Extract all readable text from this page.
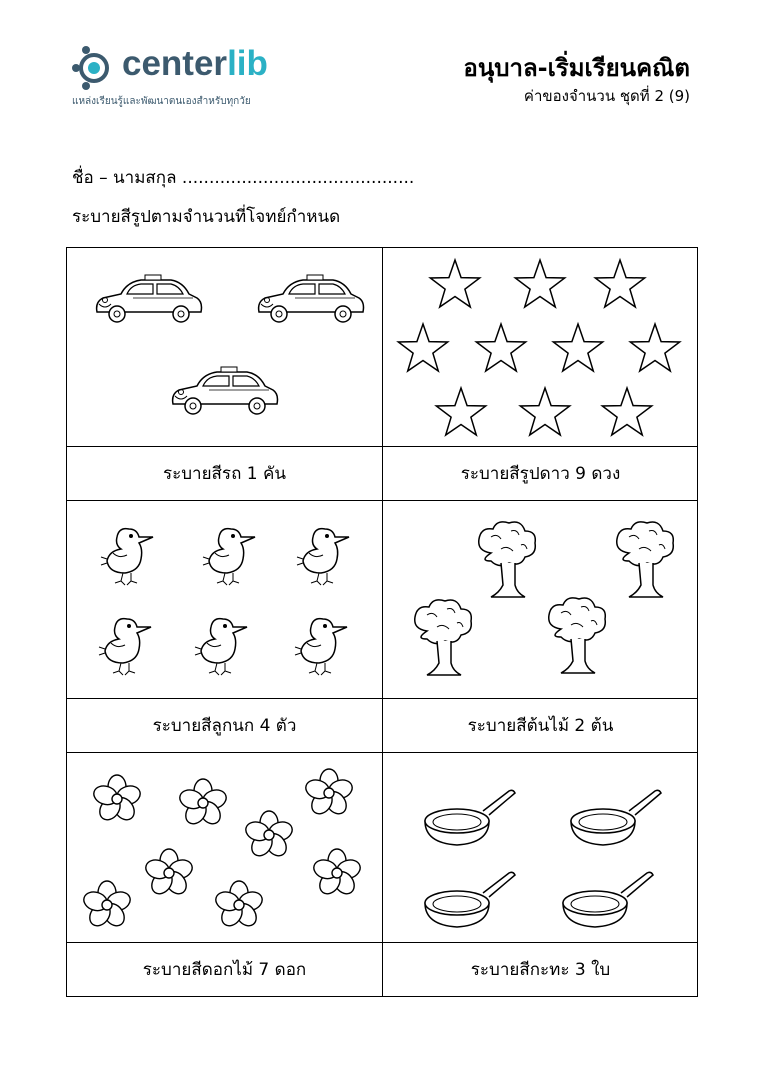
centerlib
แหล่งเรียนรู้และพัฒนาตนเองสำหรับทุกวัย
อนุบาล-เริ่มเรียนคณิต
ค่าของจำนวน ชุดที่ 2 (9)
ชื่อ – นามสกุล ...........................................
ระบายสีรูปตามจำนวนที่โจทย์กำหนด
ระบายสีรถ 1 คัน	ระบายสีรูปดาว 9 ดวง
ระบายสีลูกนก 4 ตัว	ระบายสีต้นไม้ 2 ต้น
ระบายสีดอกไม้ 7 ดอก	ระบายสีกะทะ 3 ใบ
